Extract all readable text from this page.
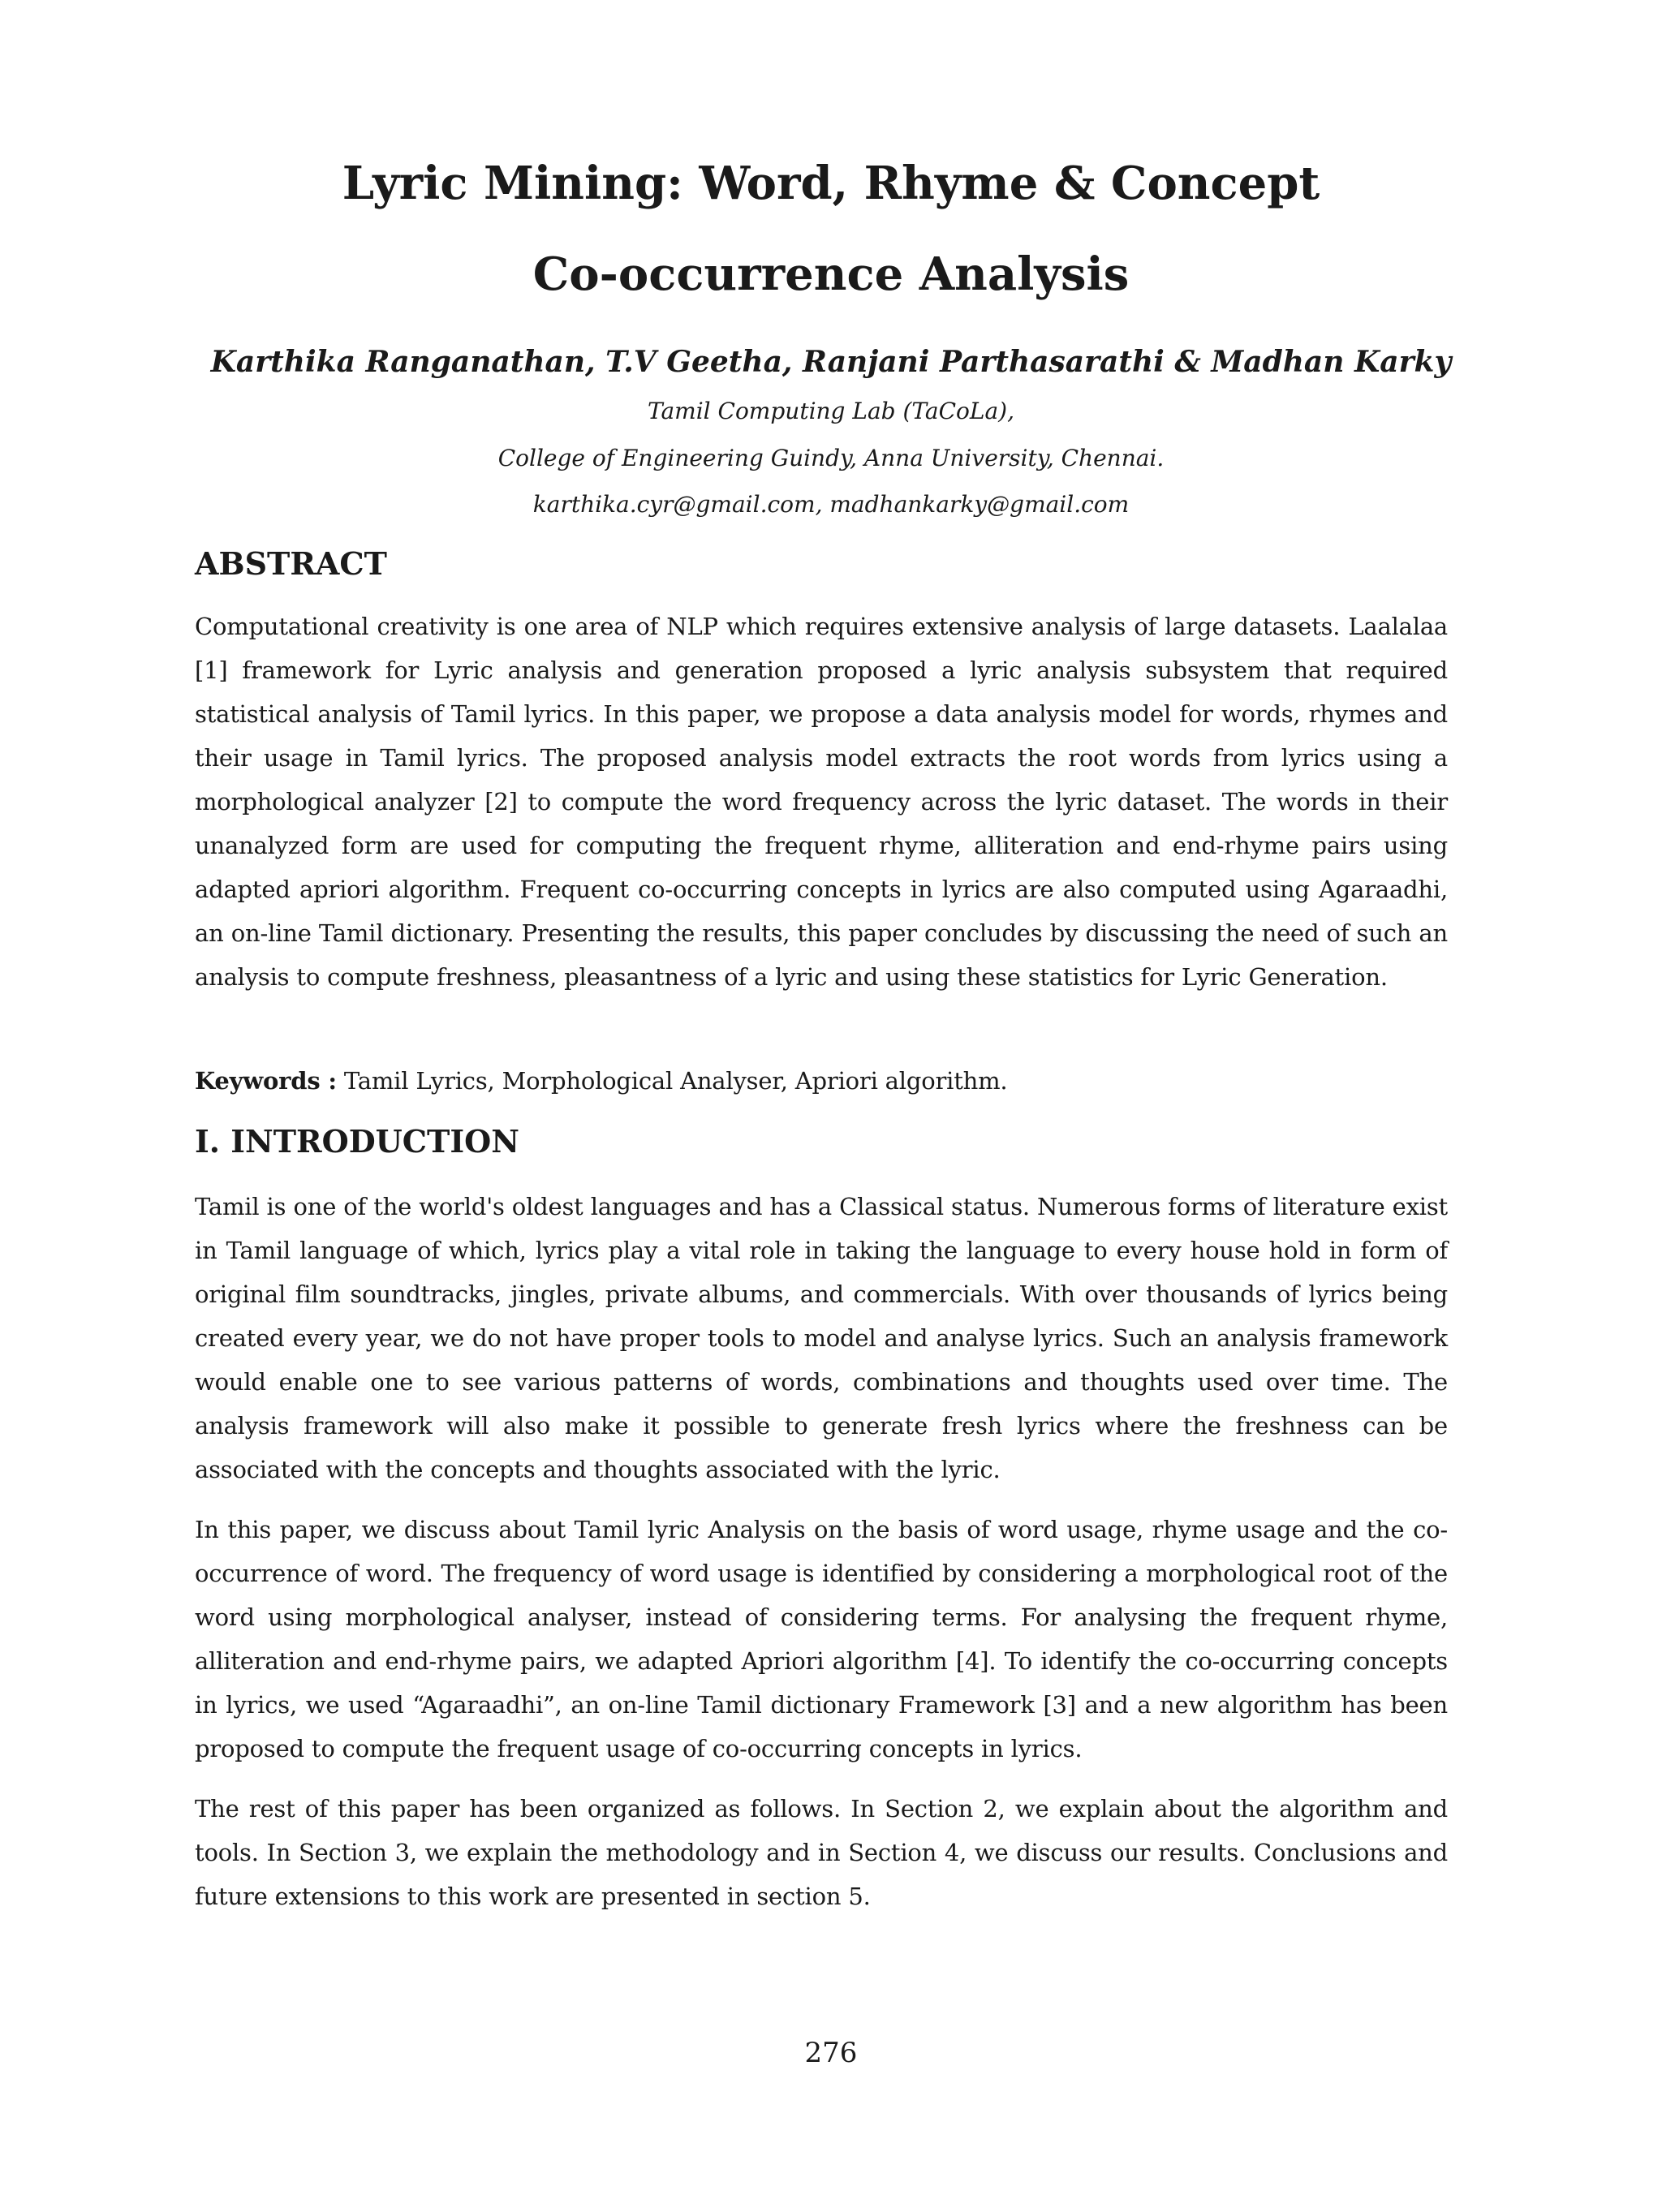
Lyric Mining: Word, Rhyme & Concept
Co-occurrence Analysis

Karthika Ranganathan, T.V Geetha, Ranjani Parthasarathi & Madhan Karky

Tamil Computing Lab (TaCoLa),

College of Engineering Guindy, Anna University, Chennai.

karthika.cyr@gmail.com, madhankarky@gmail.com

ABSTRACT

Computational creativity is one area of NLP which requires extensive analysis of large datasets. Laalalaa [1] framework for Lyric analysis and generation proposed a lyric analysis subsystem that required statistical analysis of Tamil lyrics. In this paper, we propose a data analysis model for words, rhymes and their usage in Tamil lyrics. The proposed analysis model extracts the root words from lyrics using a morphological analyzer [2] to compute the word frequency across the lyric dataset. The words in their unanalyzed form are used for computing the frequent rhyme, alliteration and end-rhyme pairs using adapted apriori algorithm. Frequent co-occurring concepts in lyrics are also computed using Agaraadhi, an on-line Tamil dictionary. Presenting the results, this paper concludes by discussing the need of such an analysis to compute freshness, pleasantness of a lyric and using these statistics for Lyric Generation.

Keywords : Tamil Lyrics, Morphological Analyser, Apriori algorithm.

I. INTRODUCTION

Tamil is one of the world's oldest languages and has a Classical status. Numerous forms of literature exist in Tamil language of which, lyrics play a vital role in taking the language to every house hold in form of original film soundtracks, jingles, private albums, and commercials. With over thousands of lyrics being created every year, we do not have proper tools to model and analyse lyrics. Such an analysis framework would enable one to see various patterns of words, combinations and thoughts used over time. The analysis framework will also make it possible to generate fresh lyrics where the freshness can be associated with the concepts and thoughts associated with the lyric.

In this paper, we discuss about Tamil lyric Analysis on the basis of word usage, rhyme usage and the co-occurrence of word. The frequency of word usage is identified by considering a morphological root of the word using morphological analyser, instead of considering terms. For analysing the frequent rhyme, alliteration and end-rhyme pairs, we adapted Apriori algorithm [4]. To identify the co-occurring concepts in lyrics, we used “Agaraadhi”, an on-line Tamil dictionary Framework [3] and a new algorithm has been proposed to compute the frequent usage of co-occurring concepts in lyrics.

The rest of this paper has been organized as follows. In Section 2, we explain about the algorithm and tools. In Section 3, we explain the methodology and in Section 4, we discuss our results. Conclusions and future extensions to this work are presented in section 5.

276
